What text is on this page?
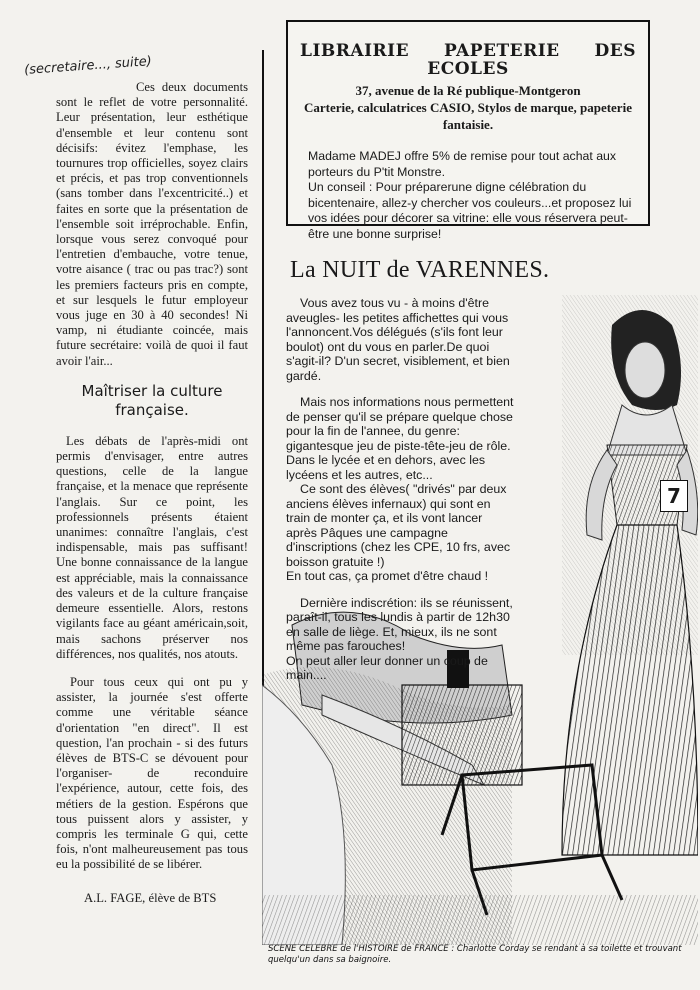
(secretaire..., suite)

Ces deux documents sont le reflet de votre personnalité. Leur présentation, leur esthétique d'ensemble et leur contenu sont décisifs: évitez l'emphase, les tournures trop officielles, soyez clairs et précis, et pas trop conventionnels (sans tomber dans l'excentricité..) et faites en sorte que la présentation de l'ensemble soit irréprochable. Enfin, lorsque vous serez convoqué pour l'entretien d'embauche, votre tenue, votre aisance ( trac ou pas trac?) sont les premiers facteurs pris en compte, et sur lesquels le futur employeur vous juge en 30 à 40 secondes! Ni vamp, ni étudiante coincée, mais future secrétaire: voilà de quoi il faut avoir l'air...

Maîtriser la culture française.

Les débats de l'après-midi ont permis d'envisager, entre autres questions, celle de la langue française, et la menace que représente l'anglais. Sur ce point, les professionnels présents étaient unanimes: connaître l'anglais, c'est indispensable, mais pas suffisant! Une bonne connaissance de la langue est appréciable, mais la connaissance des valeurs et de la culture française demeure essentielle. Alors, restons vigilants face au géant américain,soit, mais sachons préserver nos différences, nos qualités, nos atouts.

Pour tous ceux qui ont pu y assister, la journée s'est offerte comme une véritable séance d'orientation "en direct". Il est question, l'an prochain - si des futurs élèves de BTS-C se dévouent pour l'organiser- de reconduire l'expérience, autour, cette fois, des métiers de la gestion. Espérons que tous puissent alors y assister, y compris les terminale G qui, cette fois, n'ont malheureusement pas tous eu la possibilité de se libérer.

A.L. FAGE, élève de BTS
LIBRAIRIE PAPETERIE DES ECOLES
37, avenue de la Ré publique-Montgeron
Carterie, calculatrices CASIO, Stylos de marque, papeterie fantaisie.

Madame MADEJ offre 5% de remise pour tout achat aux porteurs du P'tit Monstre.

Un conseil : Pour préparerune digne célébration du bicentenaire, allez-y chercher vos couleurs...et proposez lui vos idées pour décorer sa vitrine: elle vous réservera peut-être une bonne surprise!

La NUIT de VARENNES.

Vous avez tous vu - à moins d'être aveugles- les petites affichettes qui vous l'annoncent.Vos délégués (s'ils font leur boulot) ont du vous en parler.De quoi s'agit-il? D'un secret, visiblement, et bien gardé.

Mais nos informations nous permettent de penser qu'il se prépare quelque chose pour la fin de l'annee, du genre: gigantesque jeu de piste-tête-jeu de rôle. Dans le lycée et en dehors, avec les lycéens et les autres, etc...

Ce sont des élèves( "drivés" par deux anciens élèves infernaux) qui sont en train de monter ça, et ils vont lancer après Pâques une campagne d'inscriptions (chez les CPE, 10 frs, avec boisson gratuite !)

En tout cas, ça promet d'être chaud !

Dernière indiscrétion: ils se réunissent, paraît-il, tous les lundis à partir de 12h30 en salle de liège. Et, mieux, ils ne sont même pas farouches!

On peut aller leur donner un coup de main....

7
SCENE CELEBRE de l'HISTOIRE de FRANCE : Charlotte Corday se rendant à sa toilette et trouvant quelqu'un dans sa baignoire.
